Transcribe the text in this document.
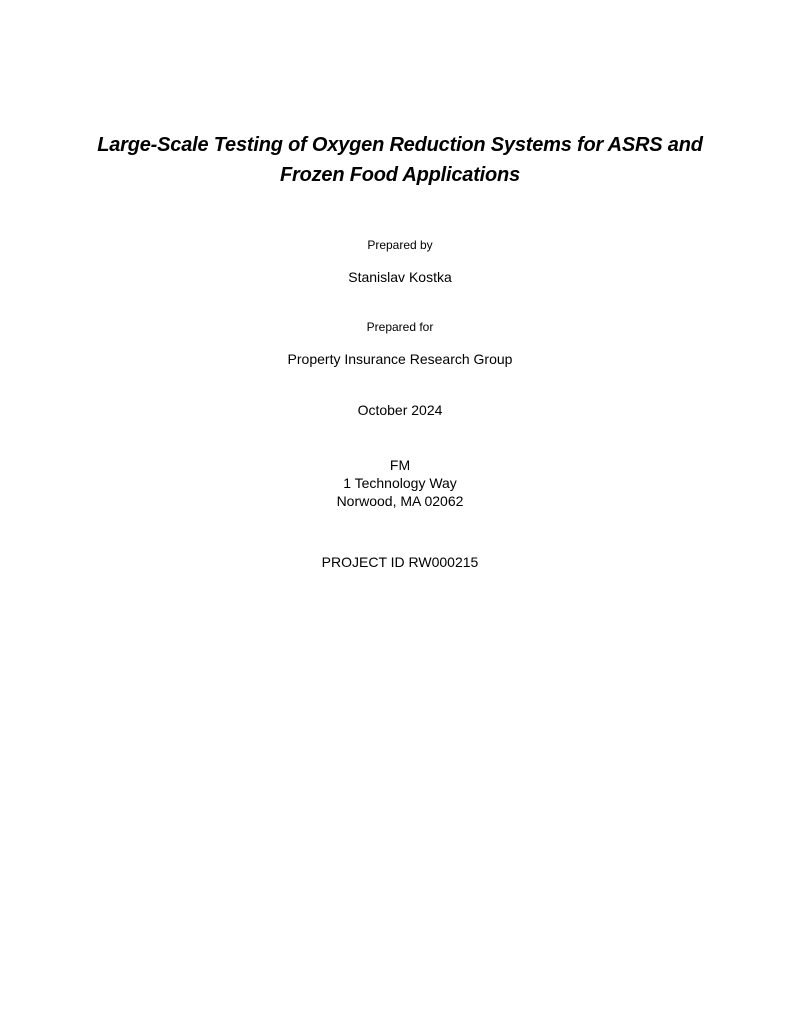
Large-Scale Testing of Oxygen Reduction Systems for ASRS and
Frozen Food Applications
Prepared by
Stanislav Kostka
Prepared for
Property Insurance Research Group
October 2024
FM
1 Technology Way
Norwood, MA 02062
PROJECT ID RW000215
